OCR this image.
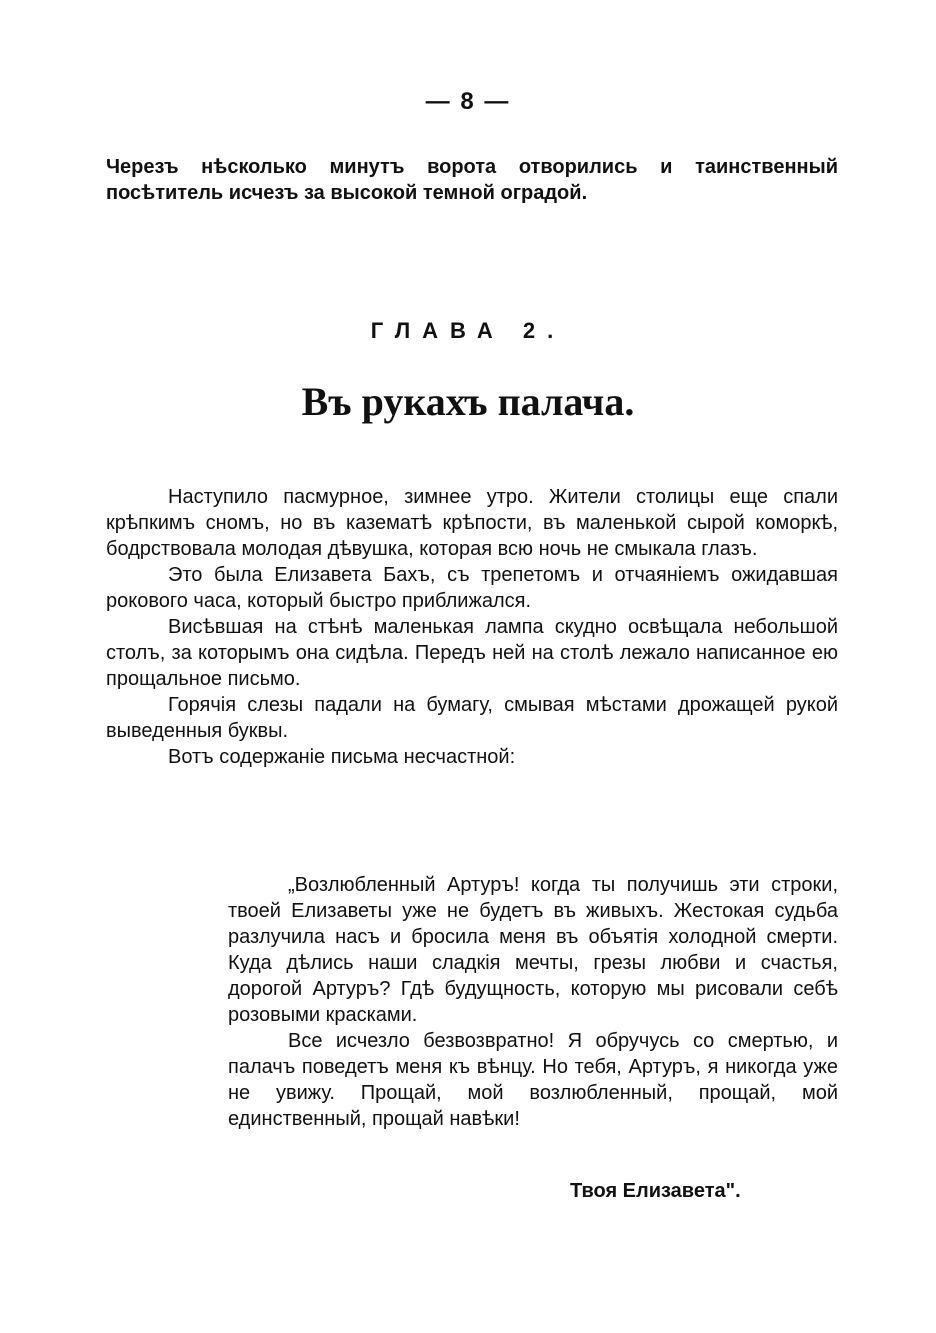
— 8 —

Черезъ нѣсколько минутъ ворота отворились и таинственный посѣтитель исчезъ за высокой темной оградой.

ГЛАВА 2.
Въ рукахъ палача.

Наступило пасмурное, зимнее утро. Жители столицы еще спали крѣпкимъ сномъ, но въ казематѣ крѣпости, въ маленькой сырой коморкѣ, бодрствовала молодая дѣвушка, которая всю ночь не смыкала глазъ.

Это была Елизавета Бахъ, съ трепетомъ и отчаяніемъ ожидавшая рокового часа, который быстро приближался.

Висѣвшая на стѣнѣ маленькая лампа скудно освѣщала небольшой столъ, за которымъ она сидѣла. Передъ ней на столѣ лежало написанное ею прощальное письмо.

Горячія слезы падали на бумагу, смывая мѣстами дрожащей рукой выведенныя буквы.

Вотъ содержаніе письма несчастной:

„Возлюбленный Артуръ! когда ты получишь эти строки, твоей Елизаветы уже не будетъ въ живыхъ. Жестокая судьба разлучила насъ и бросила меня въ объятія холодной смерти. Куда дѣлись наши сладкія мечты, грезы любви и счастья, дорогой Артуръ? Гдѣ будущность, которую мы рисовали себѣ розовыми красками.

Все исчезло безвозвратно! Я обручусь со смертью, и палачъ поведетъ меня къ вѣнцу. Но тебя, Артуръ, я никогда уже не увижу. Прощай, мой возлюбленный, прощай, мой единственный, прощай навѣки!

Твоя Елизавета".
